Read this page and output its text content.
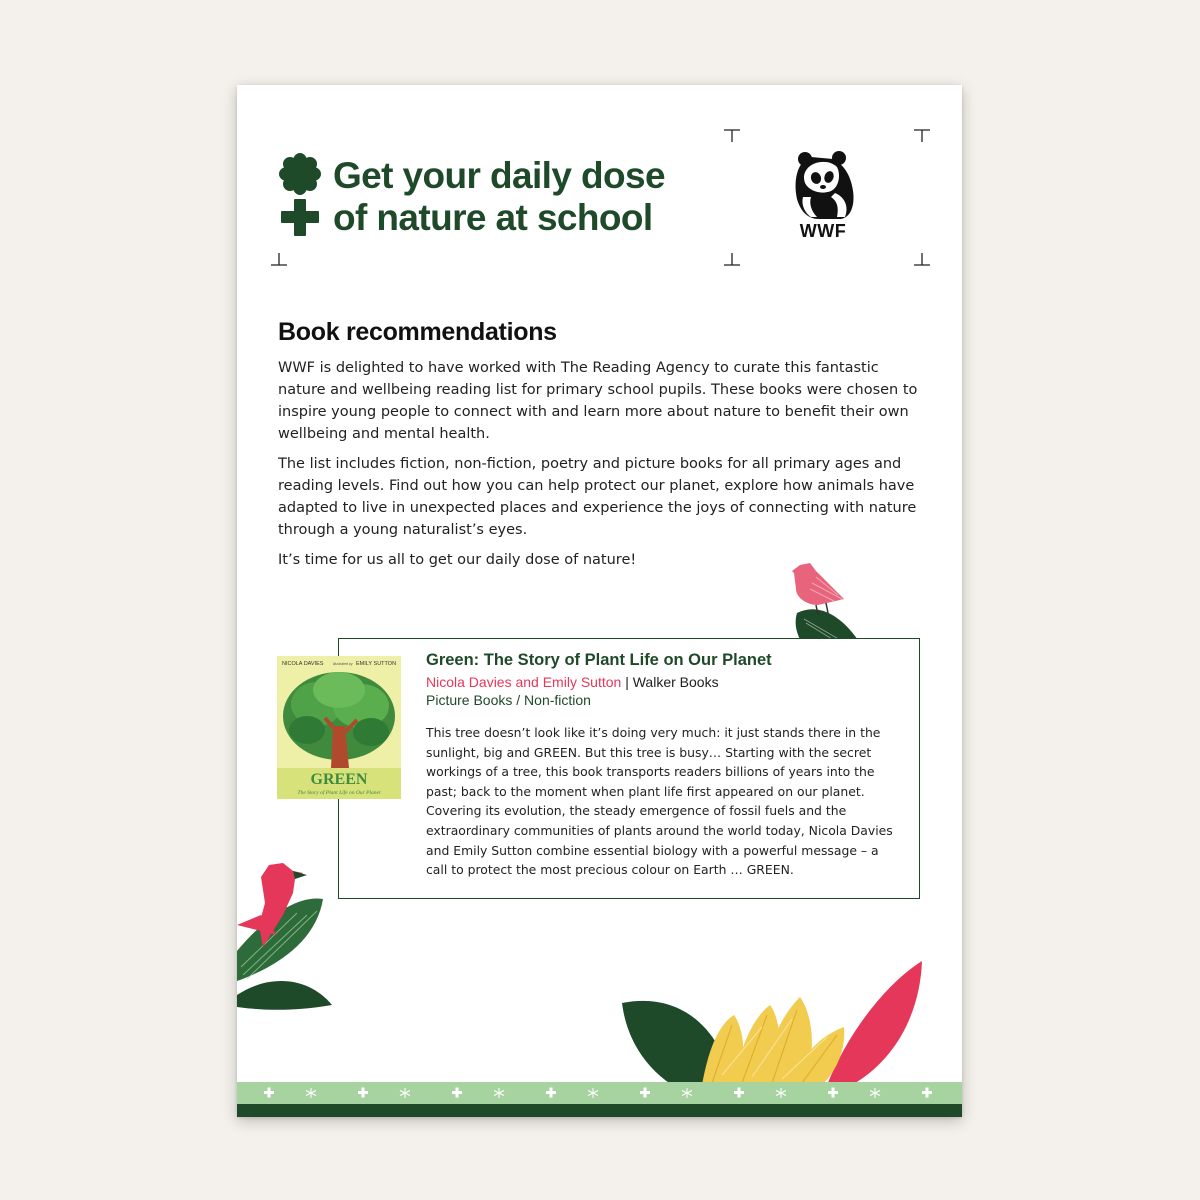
Get your daily dose
of nature at school	WWF
Book recommendations

WWF is delighted to have worked with The Reading Agency to curate this fantastic nature and wellbeing reading list for primary school pupils. These books were chosen to inspire young people to connect with and learn more about nature to benefit their own wellbeing and mental health.

The list includes fiction, non-fiction, poetry and picture books for all primary ages and reading levels. Find out how you can help protect our planet, explore how animals have adapted to live in unexpected places and experience the joys of connecting with nature through a young naturalist’s eyes.

It’s time for us all to get our daily dose of nature!

NICOLA DAVIES	illustrated by EMILY SUTTON
GREEN
The Story of Plant Life on Our Planet
Green: The Story of Plant Life on Our Planet
Nicola Davies and Emily Sutton | Walker Books
Picture Books / Non-fiction

This tree doesn’t look like it’s doing very much: it just stands there in the sunlight, big and GREEN. But this tree is busy… Starting with the secret workings of a tree, this book transports readers billions of years into the past; back to the moment when plant life first appeared on our planet. Covering its evolution, the steady emergence of fossil fuels and the extraordinary communities of plants around the world today, Nicola Davies and Emily Sutton combine essential biology with a powerful message – a call to protect the most precious colour on Earth … GREEN.
